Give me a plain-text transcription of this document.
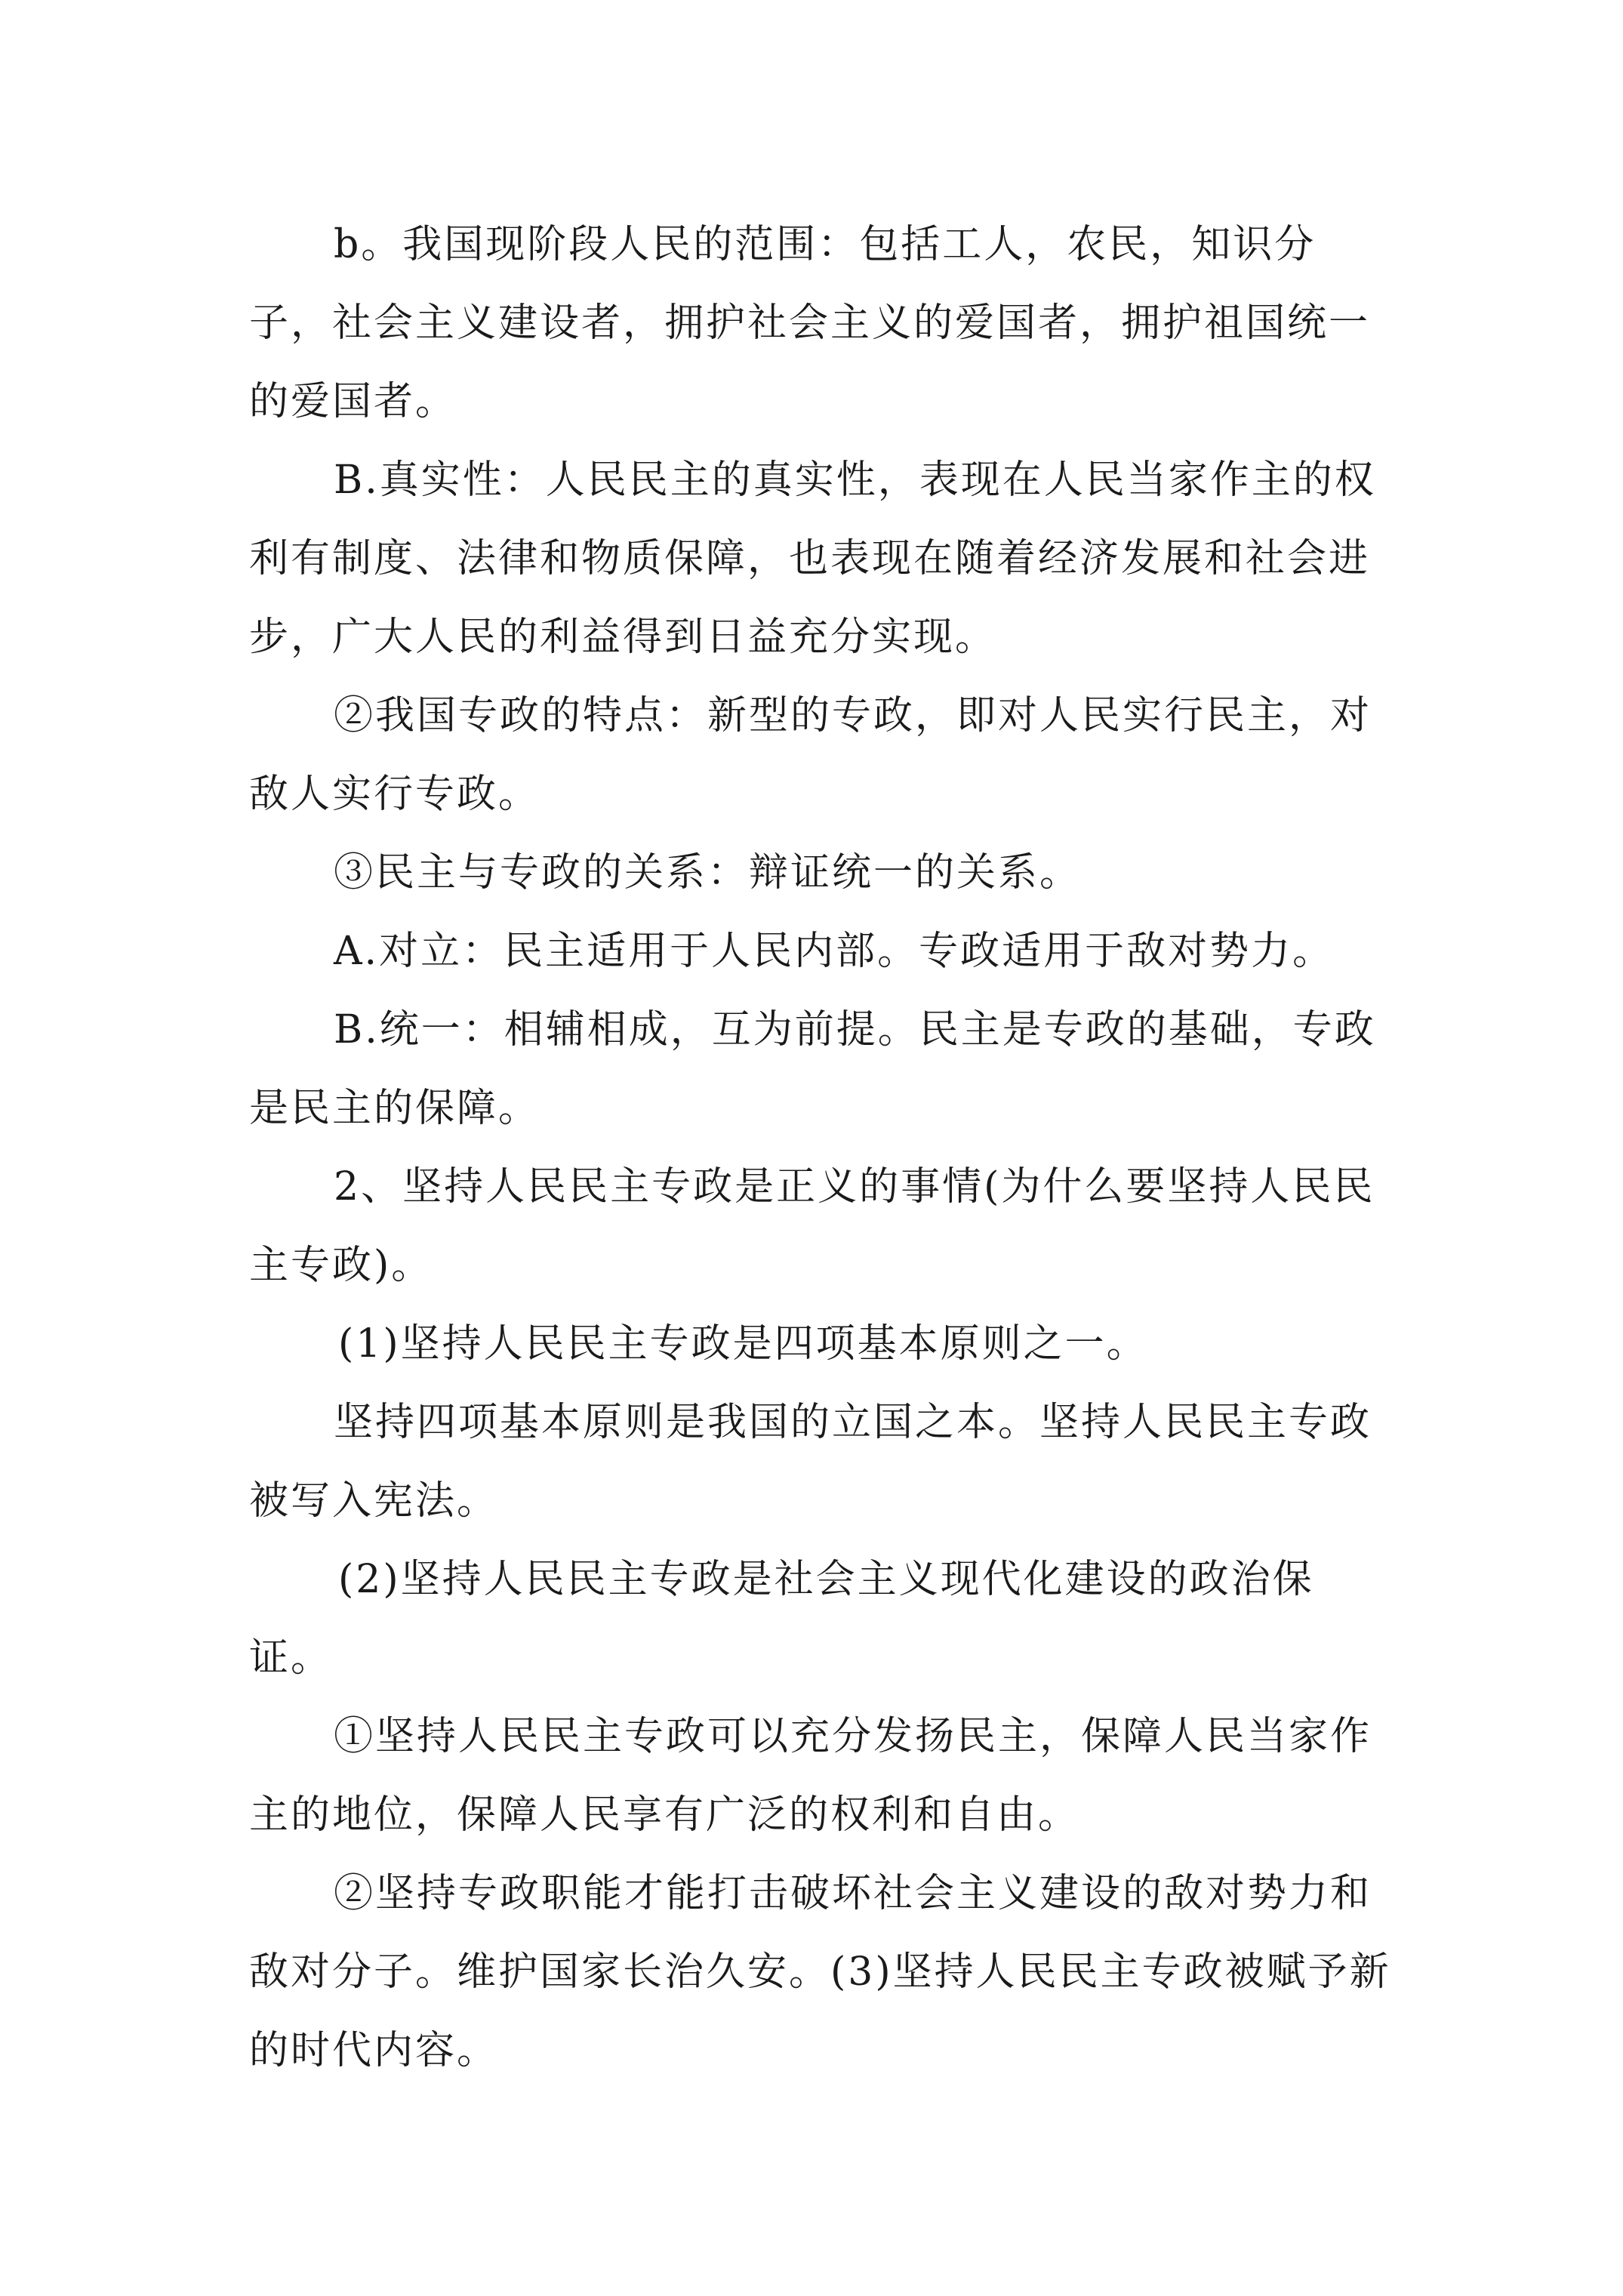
b。我国现阶段人民的范围：包括工人，农民，知识分子，社会主义建设者，拥护社会主义的爱国者，拥护祖国统一的爱国者。

B.真实性：人民民主的真实性，表现在人民当家作主的权利有制度、法律和物质保障，也表现在随着经济发展和社会进步，广大人民的利益得到日益充分实现。

②我国专政的特点：新型的专政，即对人民实行民主，对敌人实行专政。

③民主与专政的关系：辩证统一的关系。

A.对立：民主适用于人民内部。专政适用于敌对势力。

B.统一：相辅相成，互为前提。民主是专政的基础，专政是民主的保障。

2、坚持人民民主专政是正义的事情(为什么要坚持人民民主专政)。

(1)坚持人民民主专政是四项基本原则之一。

坚持四项基本原则是我国的立国之本。坚持人民民主专政被写入宪法。

(2)坚持人民民主专政是社会主义现代化建设的政治保证。

①坚持人民民主专政可以充分发扬民主，保障人民当家作主的地位，保障人民享有广泛的权利和自由。

②坚持专政职能才能打击破坏社会主义建设的敌对势力和敌对分子。维护国家长治久安。(3)坚持人民民主专政被赋予新的时代内容。
